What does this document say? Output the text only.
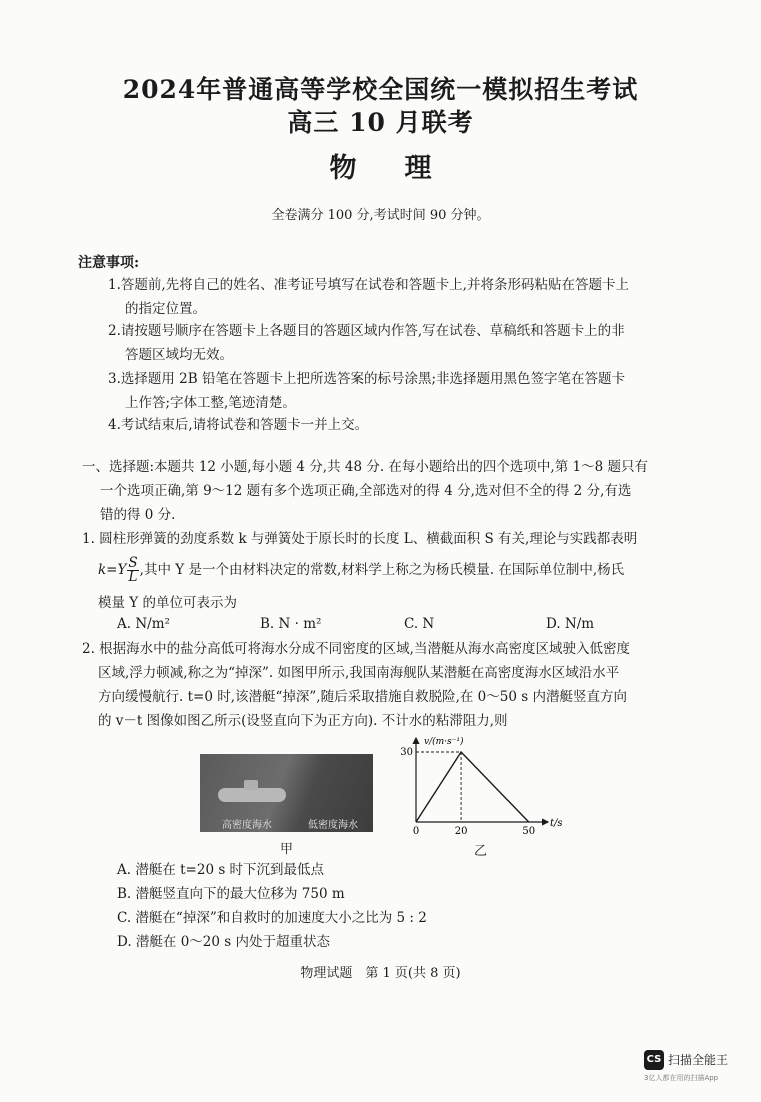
2024年普通高等学校全国统一模拟招生考试
高三 10 月联考
物理
全卷满分 100 分,考试时间 90 分钟。
注意事项:
1.答题前,先将自己的姓名、准考证号填写在试卷和答题卡上,并将条形码粘贴在答题卡上
的指定位置。
2.请按题号顺序在答题卡上各题目的答题区域内作答,写在试卷、草稿纸和答题卡上的非
答题区域均无效。
3.选择题用 2B 铅笔在答题卡上把所选答案的标号涂黑;非选择题用黑色签字笔在答题卡
上作答;字体工整,笔迹清楚。
4.考试结束后,请将试卷和答题卡一并上交。
一、选择题:本题共 12 小题,每小题 4 分,共 48 分. 在每小题给出的四个选项中,第 1～8 题只有
一个选项正确,第 9～12 题有多个选项正确,全部选对的得 4 分,选对但不全的得 2 分,有选
错的得 0 分.
1. 圆柱形弹簧的劲度系数 k 与弹簧处于原长时的长度 L、横截面积 S 有关,理论与实践都表明
$k=Y \frac{S}{L}$ ,其中 Y 是一个由材料决定的常数,材料学上称之为杨氏模量. 在国际单位制中,杨氏
模量 Y 的单位可表示为
A. N/m²	B. N · m²	C. N	D. N/m
2. 根据海水中的盐分高低可将海水分成不同密度的区域,当潜艇从海水高密度区域驶入低密度
区域,浮力顿减,称之为“掉深”. 如图甲所示,我国南海舰队某潜艇在高密度海水区域沿水平
方向缓慢航行. t=0 时,该潜艇“掉深”,随后采取措施自救脱险,在 0～50 s 内潜艇竖直方向
的 v－t 图像如图乙所示(设竖直向下为正方向). 不计水的粘滞阻力,则
高密度海水	低密度海水
甲
0	20	50
30
v/(m·s⁻¹)
t/s
乙
A. 潜艇在 t=20 s 时下沉到最低点
B. 潜艇竖直向下的最大位移为 750 m
C. 潜艇在“掉深”和自救时的加速度大小之比为 5 : 2
D. 潜艇在 0～20 s 内处于超重状态
物理试题　第 1 页(共 8 页)
CS 扫描全能王
3亿人都在用的扫描App
